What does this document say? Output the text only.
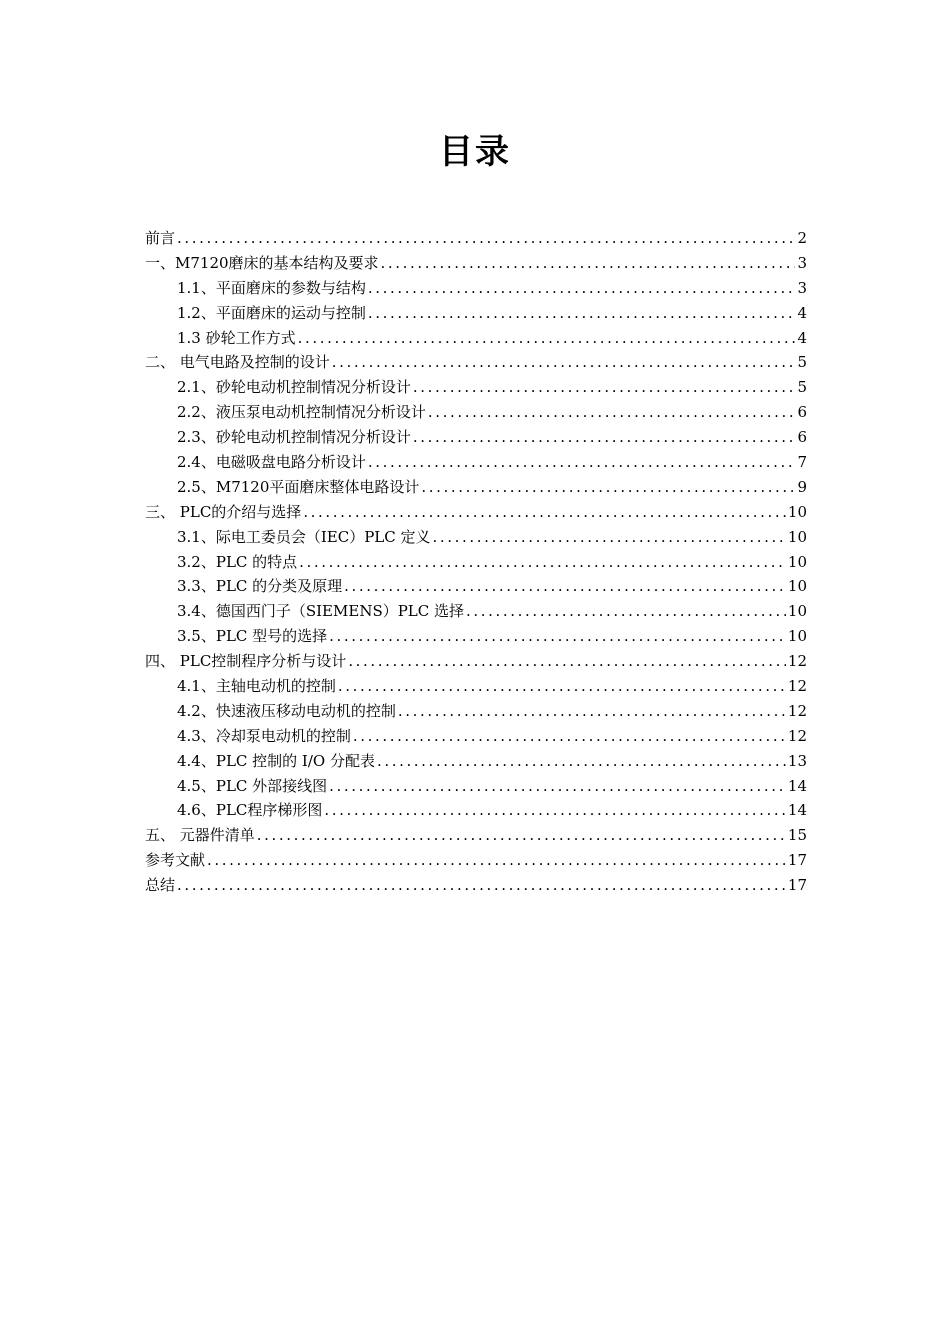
目录
前言 .....	2
一、M7120磨床的基本结构及要求 .....	3
1.1、平面磨床的参数与结构 .....	3
1.2、平面磨床的运动与控制 .....	4
1.3 砂轮工作方式 .....	4
二、 电气电路及控制的设计 .....	5
2.1、砂轮电动机控制情况分析设计 .....	5
2.2、液压泵电动机控制情况分析设计 .....	6
2.3、砂轮电动机控制情况分析设计 .....	6
2.4、电磁吸盘电路分析设计 .....	7
2.5、M7120平面磨床整体电路设计 .....	9
三、 PLC的介绍与选择 .....	10
3.1、际电工委员会（IEC）PLC 定义 .....	10
3.2、PLC 的特点 .....	10
3.3、PLC 的分类及原理 .....	10
3.4、德国西门子（SIEMENS）PLC 选择 .....	10
3.5、PLC 型号的选择 .....	10
四、 PLC控制程序分析与设计 .....	12
4.1、主轴电动机的控制 .....	12
4.2、快速液压移动电动机的控制 .....	12
4.3、冷却泵电动机的控制 .....	12
4.4、PLC 控制的 I/O 分配表 .....	13
4.5、PLC 外部接线图 .....	14
4.6、PLC程序梯形图 .....	14
五、 元器件清单 .....	15
参考文献 .....	17
总结 .....	17
